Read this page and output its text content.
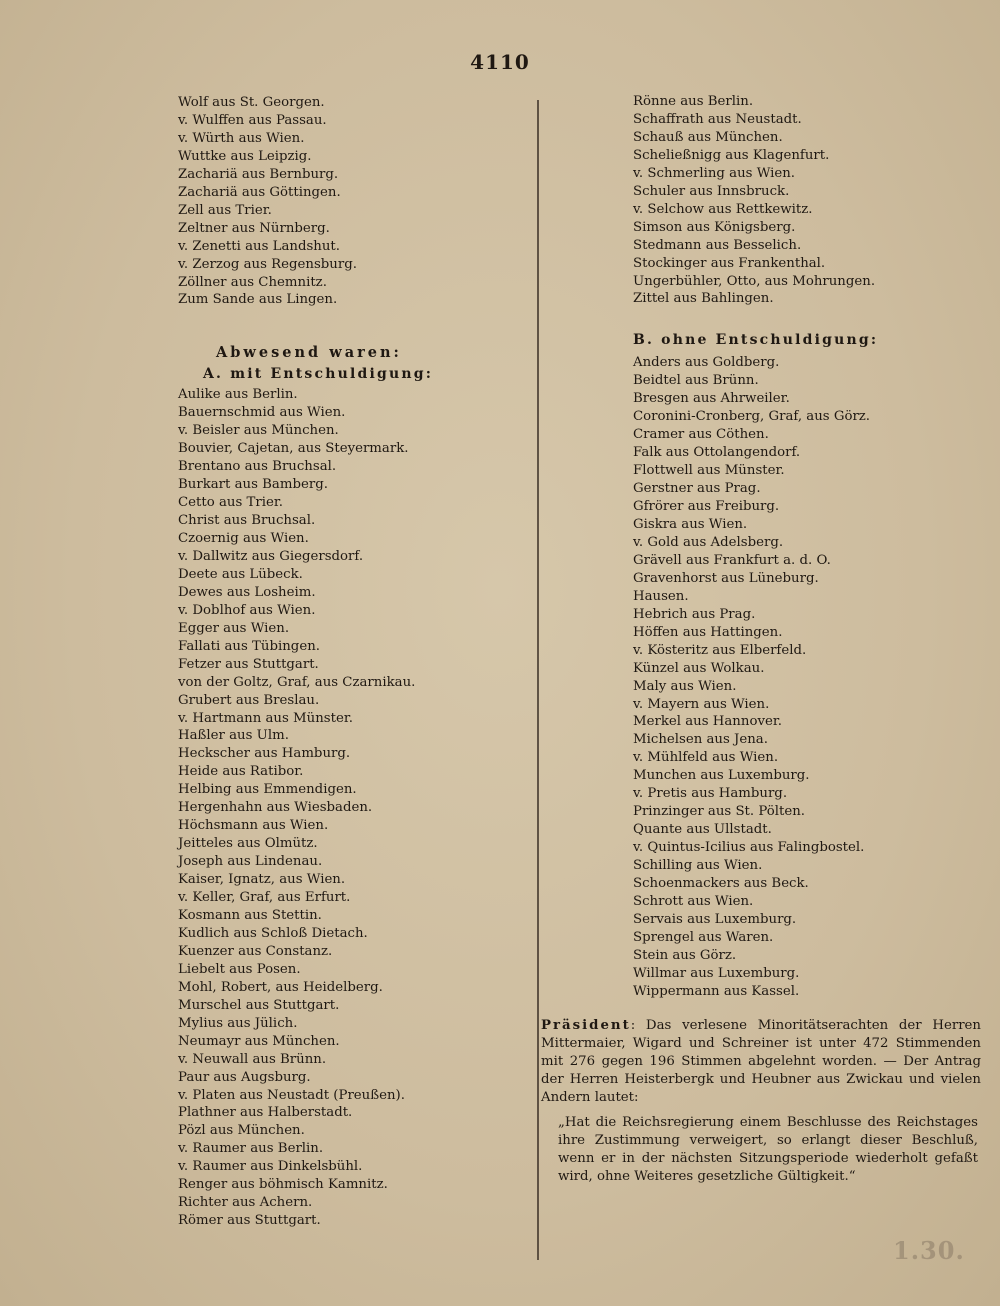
4110
Wolf aus St. Georgen.
v. Wulffen aus Passau.
v. Würth aus Wien.
Wuttke aus Leipzig.
Zachariä aus Bernburg.
Zachariä aus Göttingen.
Zell aus Trier.
Zeltner aus Nürnberg.
v. Zenetti aus Landshut.
v. Zerzog aus Regensburg.
Zöllner aus Chemnitz.
Zum Sande aus Lingen.
Abwesend waren:
A. mit Entschuldigung:
Aulike aus Berlin.
Bauernschmid aus Wien.
v. Beisler aus München.
Bouvier, Cajetan, aus Steyermark.
Brentano aus Bruchsal.
Burkart aus Bamberg.
Cetto aus Trier.
Christ aus Bruchsal.
Czoernig aus Wien.
v. Dallwitz aus Giegersdorf.
Deete aus Lübeck.
Dewes aus Losheim.
v. Doblhof aus Wien.
Egger aus Wien.
Fallati aus Tübingen.
Fetzer aus Stuttgart.
von der Goltz, Graf, aus Czarnikau.
Grubert aus Breslau.
v. Hartmann aus Münster.
Haßler aus Ulm.
Heckscher aus Hamburg.
Heide aus Ratibor.
Helbing aus Emmendigen.
Hergenhahn aus Wiesbaden.
Höchsmann aus Wien.
Jeitteles aus Olmütz.
Joseph aus Lindenau.
Kaiser, Ignatz, aus Wien.
v. Keller, Graf, aus Erfurt.
Kosmann aus Stettin.
Kudlich aus Schloß Dietach.
Kuenzer aus Constanz.
Liebelt aus Posen.
Mohl, Robert, aus Heidelberg.
Murschel aus Stuttgart.
Mylius aus Jülich.
Neumayr aus München.
v. Neuwall aus Brünn.
Paur aus Augsburg.
v. Platen aus Neustadt (Preußen).
Plathner aus Halberstadt.
Pözl aus München.
v. Raumer aus Berlin.
v. Raumer aus Dinkelsbühl.
Renger aus böhmisch Kamnitz.
Richter aus Achern.
Römer aus Stuttgart.
Rönne aus Berlin.
Schaffrath aus Neustadt.
Schauß aus München.
Scheließnigg aus Klagenfurt.
v. Schmerling aus Wien.
Schuler aus Innsbruck.
v. Selchow aus Rettkewitz.
Simson aus Königsberg.
Stedmann aus Besselich.
Stockinger aus Frankenthal.
Ungerbühler, Otto, aus Mohrungen.
Zittel aus Bahlingen.
B. ohne Entschuldigung:
Anders aus Goldberg.
Beidtel aus Brünn.
Bresgen aus Ahrweiler.
Coronini-Cronberg, Graf, aus Görz.
Cramer aus Cöthen.
Falk aus Ottolangendorf.
Flottwell aus Münster.
Gerstner aus Prag.
Gfrörer aus Freiburg.
Giskra aus Wien.
v. Gold aus Adelsberg.
Grävell aus Frankfurt a. d. O.
Gravenhorst aus Lüneburg.
Hausen.
Hebrich aus Prag.
Höffen aus Hattingen.
v. Kösteritz aus Elberfeld.
Künzel aus Wolkau.
Maly aus Wien.
v. Mayern aus Wien.
Merkel aus Hannover.
Michelsen aus Jena.
v. Mühlfeld aus Wien.
Munchen aus Luxemburg.
v. Pretis aus Hamburg.
Prinzinger aus St. Pölten.
Quante aus Ullstadt.
v. Quintus-Icilius aus Falingbostel.
Schilling aus Wien.
Schoenmackers aus Beck.
Schrott aus Wien.
Servais aus Luxemburg.
Sprengel aus Waren.
Stein aus Görz.
Willmar aus Luxemburg.
Wippermann aus Kassel.
Präsident: Das verlesene Minoritätserachten der Herren Mittermaier, Wigard und Schreiner ist unter 472 Stimmenden mit 276 gegen 196 Stimmen abgelehnt worden. — Der Antrag der Herren Heisterbergk und Heubner aus Zwickau und vielen Andern lautet:
„Hat die Reichsregierung einem Beschlusse des Reichstages ihre Zustimmung verweigert, so erlangt dieser Beschluß, wenn er in der nächsten Sitzungsperiode wiederholt gefaßt wird, ohne Weiteres gesetzliche Gültigkeit.“
1.30.
